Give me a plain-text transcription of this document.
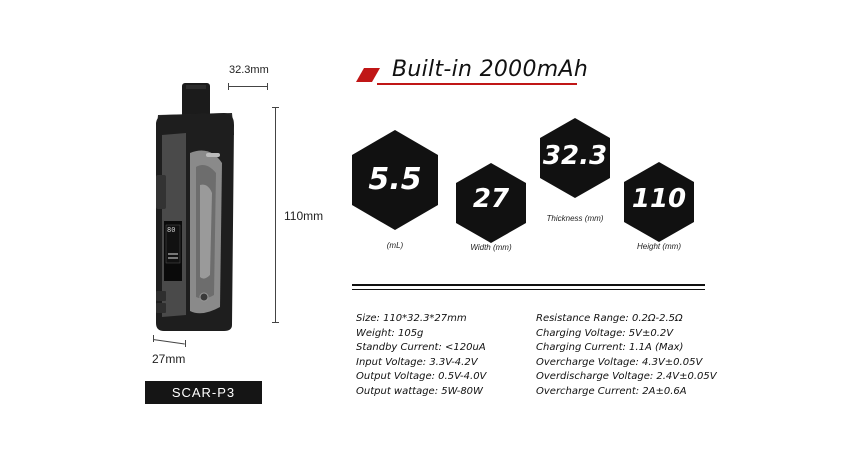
80
32.3mm
110mm
27mm
SCAR-P3
Built-in 2000mAh
5.5
(mL)
27
Width (mm)
32.3
Thickness (mm)
110
Height (mm)
Size: 110*32.3*27mm
Weight: 105g
Standby Current: <120uA
Input Voltage: 3.3V-4.2V
Output Voltage: 0.5V-4.0V
Output wattage: 5W-80W
Resistance Range: 0.2Ω-2.5Ω
Charging Voltage: 5V±0.2V
Charging Current: 1.1A (Max)
Overcharge Voltage: 4.3V±0.05V
Overdischarge Voltage: 2.4V±0.05V
Overcharge Current: 2A±0.6A
